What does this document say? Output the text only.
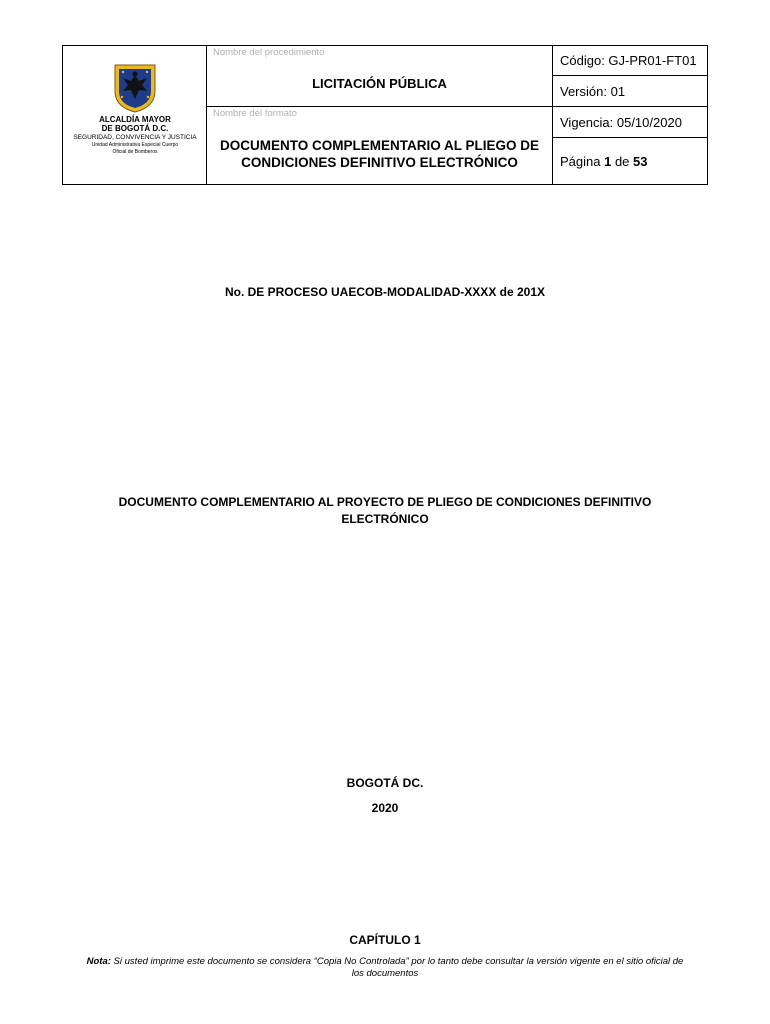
ALCALDÍA MAYOR
DE BOGOTÁ D.C.
SEGURIDAD, CONVIVENCIA Y JUSTICIA
Unidad Administrativa Especial Cuerpo
Oficial de Bomberos
Nombre del procedimiento
LICITACIÓN PÚBLICA
Nombre del formato
DOCUMENTO COMPLEMENTARIO AL PLIEGO DE
CONDICIONES DEFINITIVO ELECTRÓNICO
Código: GJ-PR01-FT01
Versión: 01
Vigencia: 05/10/2020
Página 1 de 53
No. DE PROCESO UAECOB-MODALIDAD-XXXX de 201X
DOCUMENTO COMPLEMENTARIO AL PROYECTO DE PLIEGO DE CONDICIONES DEFINITIVO
ELECTRÓNICO
BOGOTÁ DC.
2020
CAPÍTULO 1
Nota: Si usted imprime este documento se considera “Copia No Controlada” por lo tanto debe consultar la versión vigente en el sitio oficial de
los documentos
